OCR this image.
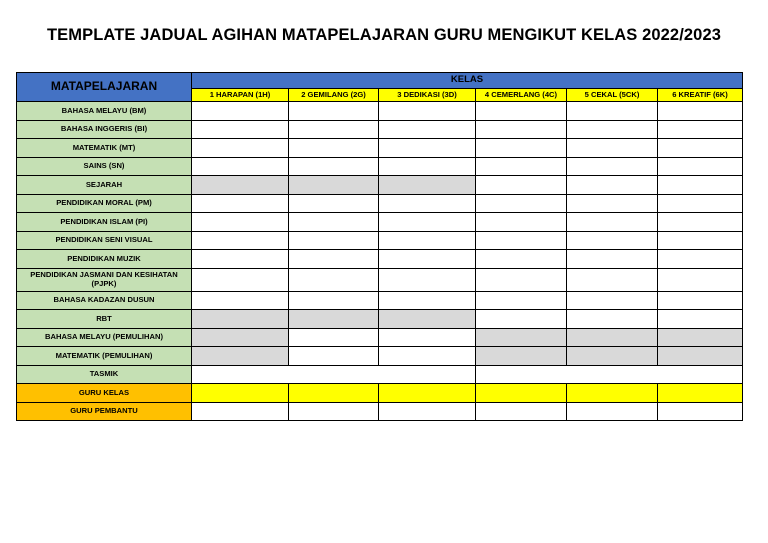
TEMPLATE JADUAL AGIHAN MATAPELAJARAN GURU MENGIKUT KELAS 2022/2023
MATAPELAJARAN	KELAS					
	1 HARAPAN (1H)	2 GEMILANG (2G)	3 DEDIKASI (3D)	4 CEMERLANG (4C)	5 CEKAL (5CK)	6 KREATIF (6K)
BAHASA MELAYU (BM)						
BAHASA INGGERIS (BI)						
MATEMATIK (MT)						
SAINS (SN)						
SEJARAH						
PENDIDIKAN MORAL (PM)						
PENDIDIKAN ISLAM (PI)						
PENDIDIKAN SENI VISUAL						
PENDIDIKAN MUZIK						
PENDIDIKAN JASMANI DAN KESIHATAN (PJPK)						
BAHASA KADAZAN DUSUN						
RBT						
BAHASA MELAYU (PEMULIHAN)						
MATEMATIK (PEMULIHAN)						
TASMIK						
GURU KELAS						
GURU PEMBANTU						
